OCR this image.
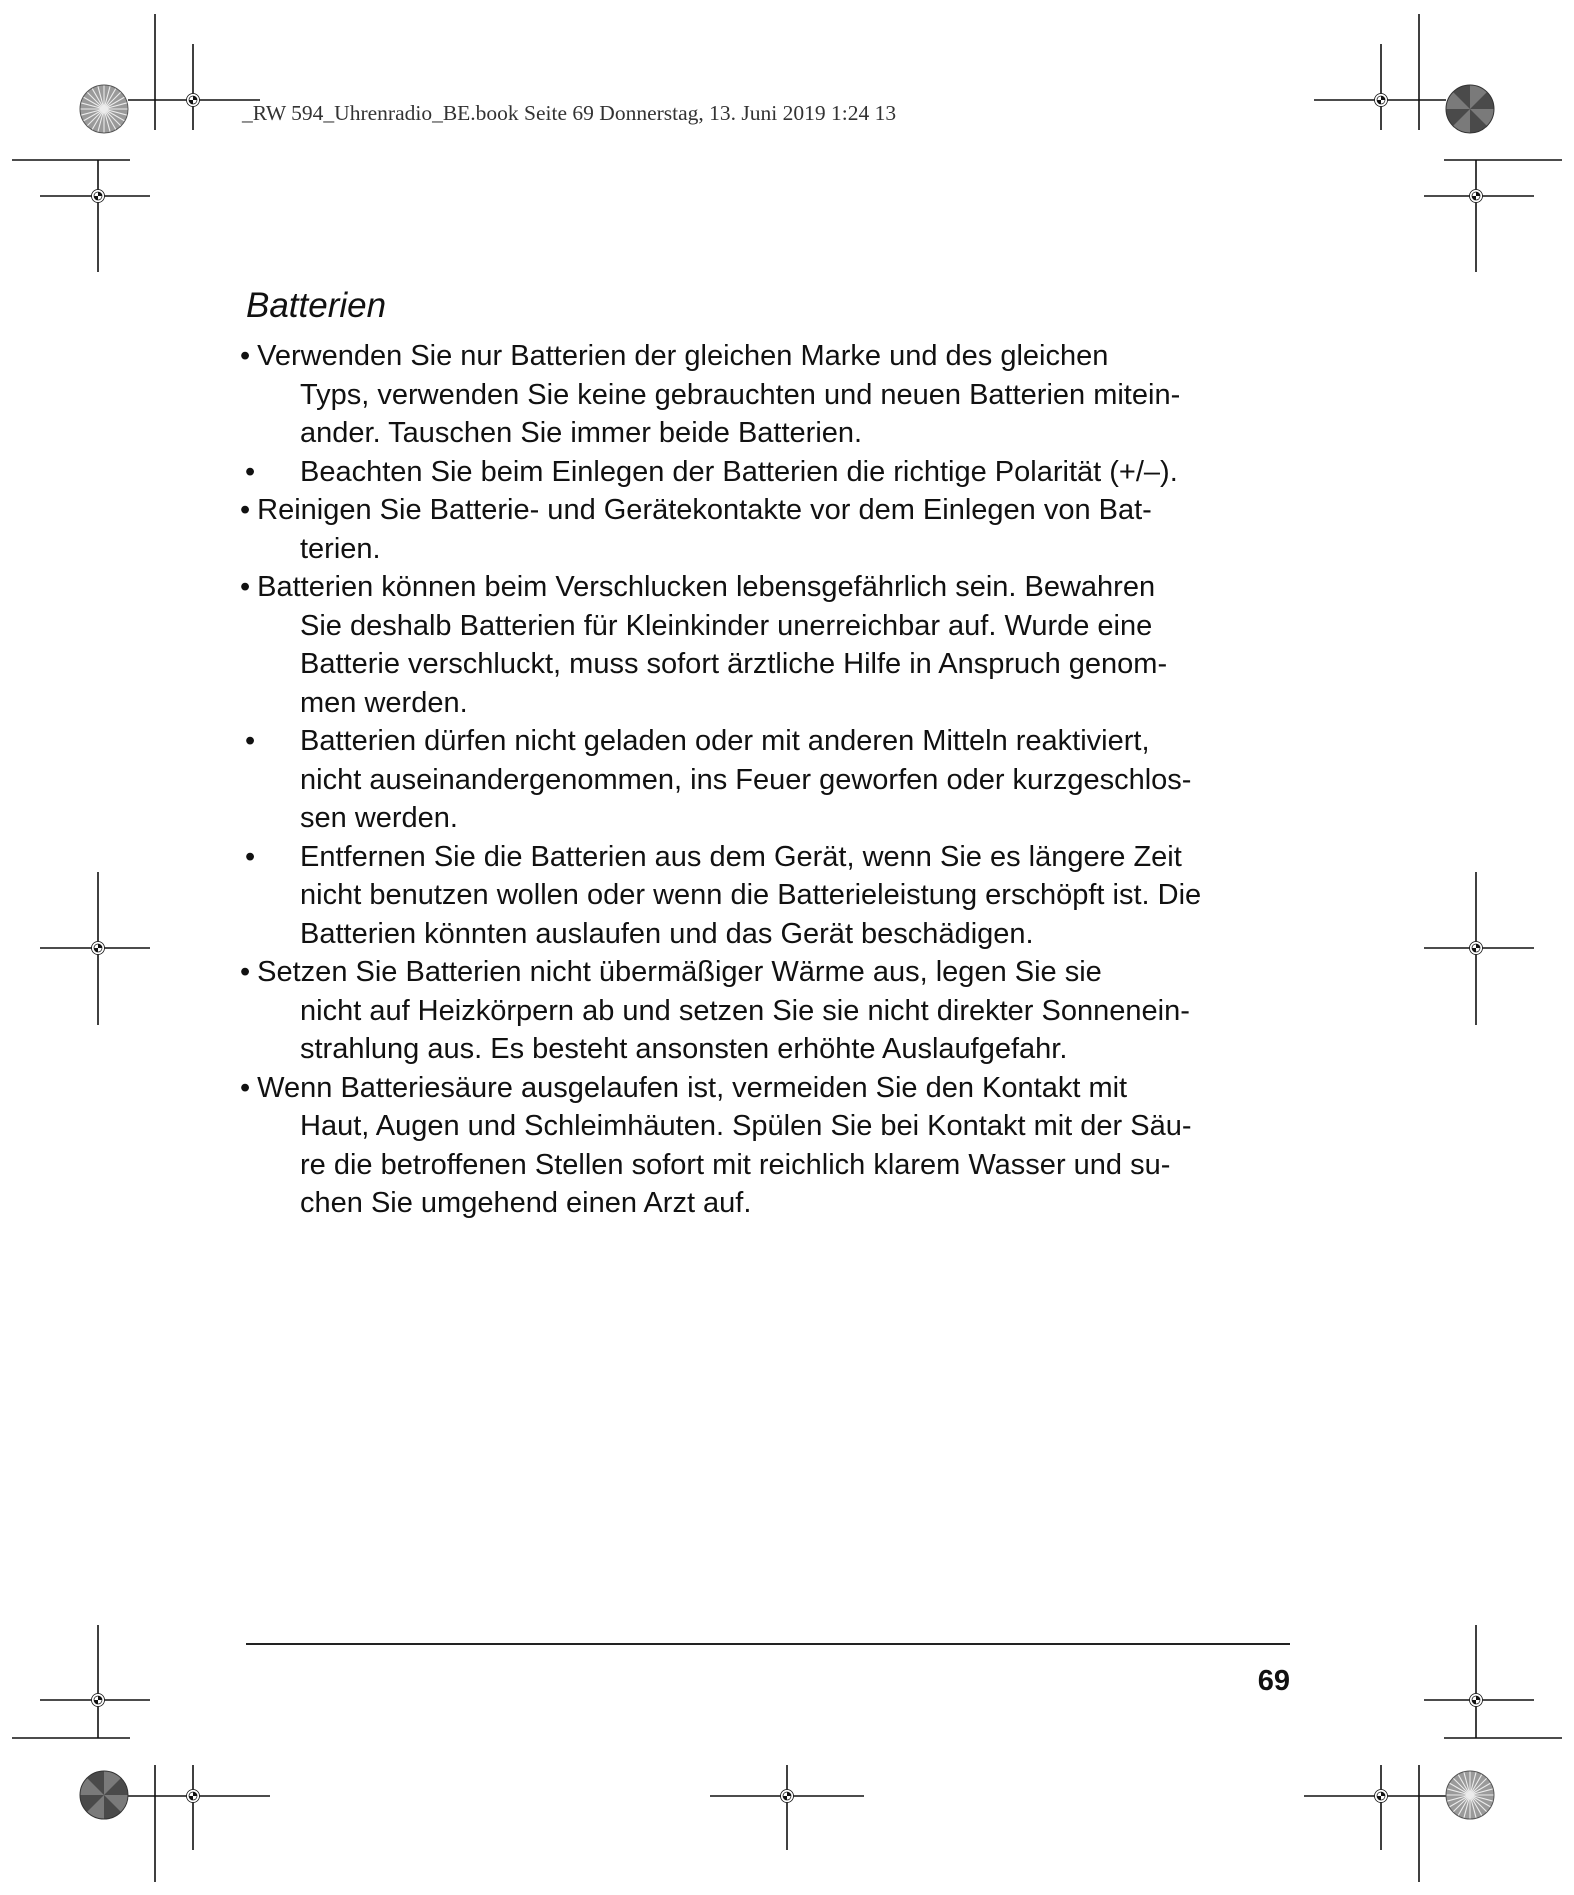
_RW 594_Uhrenradio_BE.book Seite 69 Donnerstag, 13. Juni 2019 1:24 13
Batterien
• Verwenden Sie nur Batterien der gleichen Marke und des gleichen
Typs, verwenden Sie keine gebrauchten und neuen Batterien mitein-
ander. Tauschen Sie immer beide Batterien.
•	Beachten Sie beim Einlegen der Batterien die richtige Polarität (+/–).
• Reinigen Sie Batterie- und Gerätekontakte vor dem Einlegen von Bat-
terien.
• Batterien können beim Verschlucken lebensgefährlich sein. Bewahren
Sie deshalb Batterien für Kleinkinder unerreichbar auf. Wurde eine
Batterie verschluckt, muss sofort ärztliche Hilfe in Anspruch genom-
men werden.
•	Batterien dürfen nicht geladen oder mit anderen Mitteln reaktiviert,
nicht auseinandergenommen, ins Feuer geworfen oder kurzgeschlos-
sen werden.
•	Entfernen Sie die Batterien aus dem Gerät, wenn Sie es längere Zeit
nicht benutzen wollen oder wenn die Batterieleistung erschöpft ist. Die
Batterien könnten auslaufen und das Gerät beschädigen.
• Setzen Sie Batterien nicht übermäßiger Wärme aus, legen Sie sie
nicht auf Heizkörpern ab und setzen Sie sie nicht direkter Sonnenein-
strahlung aus. Es besteht ansonsten erhöhte Auslaufgefahr.
• Wenn Batteriesäure ausgelaufen ist, vermeiden Sie den Kontakt mit
Haut, Augen und Schleimhäuten. Spülen Sie bei Kontakt mit der Säu-
re die betroffenen Stellen sofort mit reichlich klarem Wasser und su-
chen Sie umgehend einen Arzt auf.
69
